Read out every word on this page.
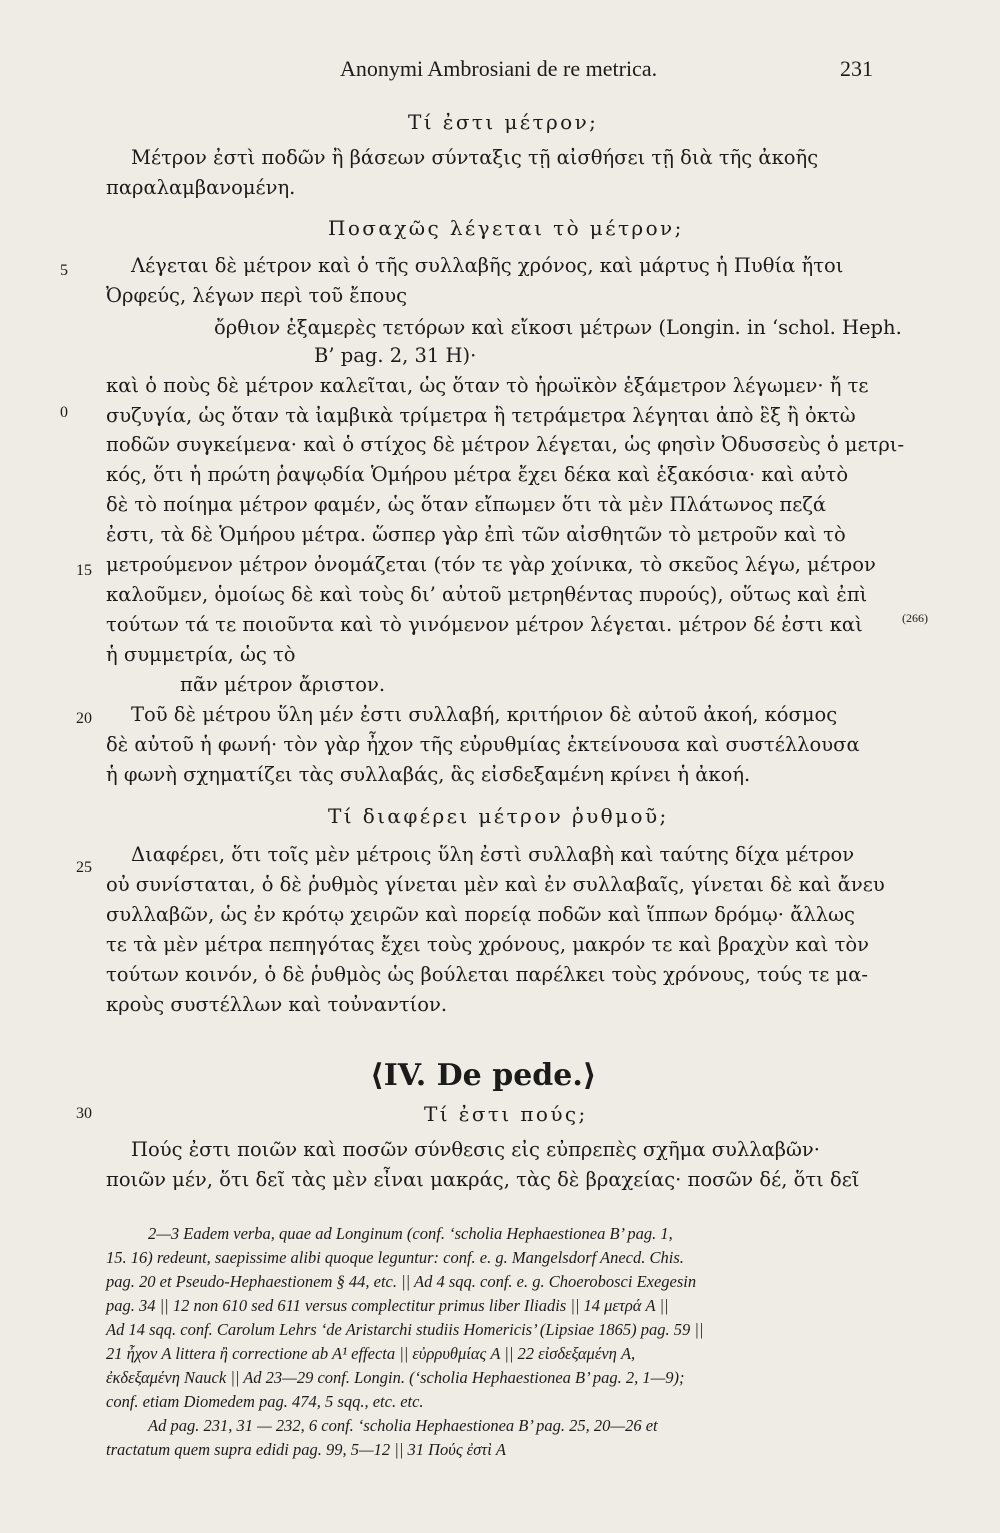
Anonymi Ambrosiani de re metrica.	231
5
0
15
20
25
30
(266)
Τί ἐστι μέτρον;
Μέτρον ἐστὶ ποδῶν ἢ βάσεων σύνταξις τῇ αἰσθήσει τῇ διὰ τῆς ἀκοῆς
παραλαμβανομένη.
Ποσαχῶς λέγεται τὸ μέτρον;
Λέγεται δὲ μέτρον καὶ ὁ τῆς συλλαβῆς χρόνος, καὶ μάρτυς ἡ Πυθία ἤτοι
Ὀρφεύς, λέγων περὶ τοῦ ἔπους
ὄρθιον ἑξαμερὲς τετόρων καὶ εἴκοσι μέτρων (Longin. in ‘schol. Heph.
B’ pag. 2, 31 H)·
καὶ ὁ ποὺς δὲ μέτρον καλεῖται, ὡς ὅταν τὸ ἡρωϊκὸν ἑξάμετρον λέγωμεν· ἤ τε
συζυγία, ὡς ὅταν τὰ ἰαμβικὰ τρίμετρα ἢ τετράμετρα λέγηται ἀπὸ ἓξ ἢ ὀκτὼ
ποδῶν συγκείμενα· καὶ ὁ στίχος δὲ μέτρον λέγεται, ὡς φησὶν Ὀδυσσεὺς ὁ μετρι-
κός, ὅτι ἡ πρώτη ῥαψῳδία Ὁμήρου μέτρα ἔχει δέκα καὶ ἑξακόσια· καὶ αὐτὸ
δὲ τὸ ποίημα μέτρον φαμέν, ὡς ὅταν εἴπωμεν ὅτι τὰ μὲν Πλάτωνος πεζά
ἐστι, τὰ δὲ Ὁμήρου μέτρα. ὥσπερ γὰρ ἐπὶ τῶν αἰσθητῶν τὸ μετροῦν καὶ τὸ
μετρούμενον μέτρον ὀνομάζεται (τόν τε γὰρ χοίνικα, τὸ σκεῦος λέγω, μέτρον
καλοῦμεν, ὁμοίως δὲ καὶ τοὺς δι’ αὐτοῦ μετρηθέντας πυρούς), οὕτως καὶ ἐπὶ
τούτων τά τε ποιοῦντα καὶ τὸ γινόμενον μέτρον λέγεται. μέτρον δέ ἐστι καὶ
ἡ συμμετρία, ὡς τὸ
πᾶν μέτρον ἄριστον.
Τοῦ δὲ μέτρου ὕλη μέν ἐστι συλλαβή, κριτήριον δὲ αὐτοῦ ἀκοή, κόσμος
δὲ αὐτοῦ ἡ φωνή· τὸν γὰρ ἦχον τῆς εὐρυθμίας ἐκτείνουσα καὶ συστέλλουσα
ἡ φωνὴ σχηματίζει τὰς συλλαβάς, ἃς εἰσδεξαμένη κρίνει ἡ ἀκοή.
Τί διαφέρει μέτρον ῥυθμοῦ;
Διαφέρει, ὅτι τοῖς μὲν μέτροις ὕλη ἐστὶ συλλαβὴ καὶ ταύτης δίχα μέτρον
οὐ συνίσταται, ὁ δὲ ῥυθμὸς γίνεται μὲν καὶ ἐν συλλαβαῖς, γίνεται δὲ καὶ ἄνευ
συλλαβῶν, ὡς ἐν κρότῳ χειρῶν καὶ πορείᾳ ποδῶν καὶ ἵππων δρόμῳ· ἄλλως
τε τὰ μὲν μέτρα πεπηγότας ἔχει τοὺς χρόνους, μακρόν τε καὶ βραχὺν καὶ τὸν
τούτων κοινόν, ὁ δὲ ῥυθμὸς ὡς βούλεται παρέλκει τοὺς χρόνους, τούς τε μα-
κροὺς συστέλλων καὶ τοὐναντίον.
⟨IV. De pede.⟩
Τί ἐστι πούς;
Πούς ἐστι ποιῶν καὶ ποσῶν σύνθεσις εἰς εὐπρεπὲς σχῆμα συλλαβῶν·
ποιῶν μέν, ὅτι δεῖ τὰς μὲν εἶναι μακράς, τὰς δὲ βραχείας· ποσῶν δέ, ὅτι δεῖ
2—3 Eadem verba, quae ad Longinum (conf. ‘scholia Hephaestionea B’ pag. 1,
15. 16) redeunt, saepissime alibi quoque leguntur: conf. e. g. Mangelsdorf Anecd. Chis.
pag. 20 et Pseudo-Hephaestionem § 44, etc. || Ad 4 sqq. conf. e. g. Choerobosci Exegesin
pag. 34 || 12 non 610 sed 611 versus complectitur primus liber Iliadis || 14 μετρά A ||
Ad 14 sqq. conf. Carolum Lehrs ‘de Aristarchi studiis Homericis’ (Lipsiae 1865) pag. 59 ||
21 ἦχον A littera ἢ correctione ab A¹ effecta || εὐρρυθμίας A || 22 εἰσδεξαμένη A,
ἐκδεξαμένη Nauck || Ad 23—29 conf. Longin. (‘scholia Hephaestionea B’ pag. 2, 1—9);
conf. etiam Diomedem pag. 474, 5 sqq., etc. etc.
Ad pag. 231, 31 — 232, 6 conf. ‘scholia Hephaestionea B’ pag. 25, 20—26 et
tractatum quem supra edidi pag. 99, 5—12 || 31 Πούς ἐστὶ A
